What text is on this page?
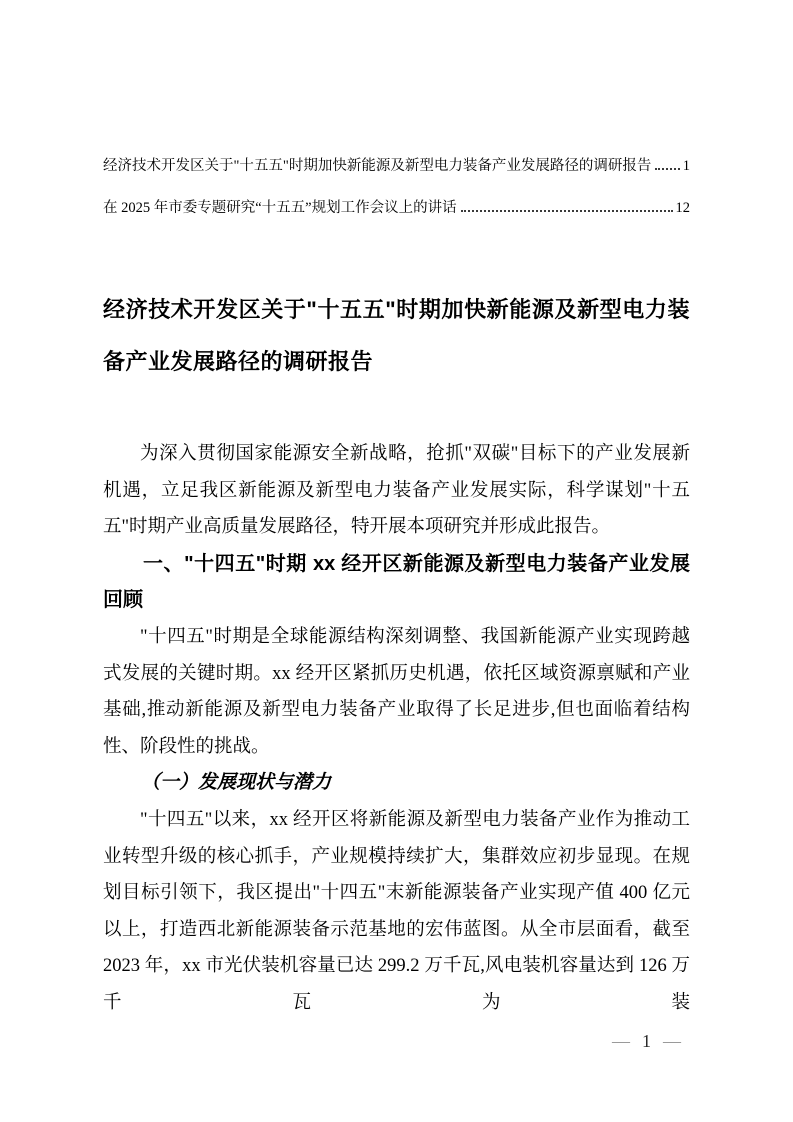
经济技术开发区关于"十五五"时期加快新能源及新型电力装备产业发展路径的调研报告 1
在 2025 年市委专题研究“十五五”规划工作会议上的讲话	12
经济技术开发区关于"十五五"时期加快新能源及新型电力装备产业发展路径的调研报告

为深入贯彻国家能源安全新战略，抢抓"双碳"目标下的产业发展新机遇，立足我区新能源及新型电力装备产业发展实际，科学谋划"十五五"时期产业高质量发展路径，特开展本项研究并形成此报告。

一、"十四五"时期 xx 经开区新能源及新型电力装备产业发展回顾

"十四五"时期是全球能源结构深刻调整、我国新能源产业实现跨越式发展的关键时期。xx 经开区紧抓历史机遇，依托区域资源禀赋和产业基础,推动新能源及新型电力装备产业取得了长足进步,但也面临着结构性、阶段性的挑战。

（一）发展现状与潜力

"十四五"以来，xx 经开区将新能源及新型电力装备产业作为推动工业转型升级的核心抓手，产业规模持续扩大，集群效应初步显现。在规划目标引领下，我区提出"十四五"末新能源装备产业实现产值 400 亿元以上，打造西北新能源装备示范基地的宏伟蓝图。从全市层面看，截至 2023 年，xx 市光伏装机容量已达 299.2 万千瓦,风电装机容量达到 126 万千瓦为装

— 1 —
